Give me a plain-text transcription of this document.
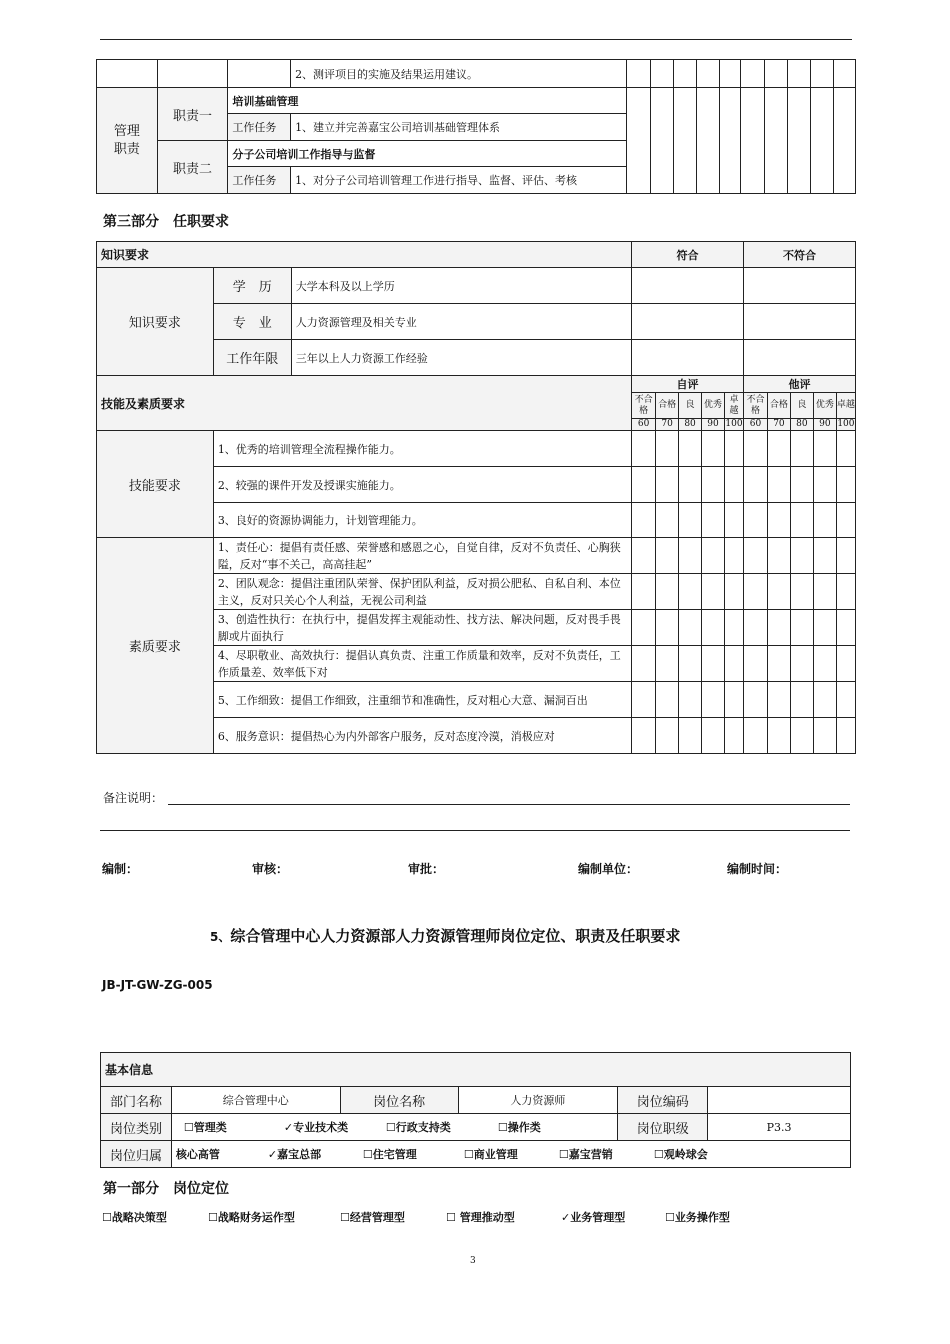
			2、测评项目的实施及结果运用建议。										
管理
职责	职责一	培训基础管理											
		工作任务	1、建立并完善嘉宝公司培训基础管理体系										
	职责二	分子公司培训工作指导与监督											
		工作任务	1、对分子公司培训管理工作进行指导、监督、评估、考核										
第三部分　任职要求
知识要求			符合					不符合				
知识要求	学　历	大学本科及以上学历										
	专　业	人力资源管理及相关专业										
	工作年限	三年以上人力资源工作经验										
技能及素质要求			自评					他评				
			不合格	合格	良	优秀	卓越	不合格	合格	良	优秀	卓越
			60	70	80	90	100	60	70	80	90	100
技能要求	1、优秀的培训管理全流程操作能力。											
	2、较强的课件开发及授课实施能力。											
	3、良好的资源协调能力，计划管理能力。											
素质要求	1、责任心：提倡有责任感、荣誉感和感恩之心，自觉自律，反对不负责任、心胸狭隘，反对“事不关己，高高挂起”											
	2、团队观念：提倡注重团队荣誉、保护团队利益，反对损公肥私、自私自利、本位主义，反对只关心个人利益，无视公司利益											
	3、创造性执行：在执行中，提倡发挥主观能动性、找方法、解决问题，反对畏手畏脚或片面执行											
	4、尽职敬业、高效执行：提倡认真负责、注重工作质量和效率，反对不负责任，工作质量差、效率低下对											
	5、工作细致：提倡工作细致，注重细节和准确性，反对粗心大意、漏洞百出											
	6、服务意识：提倡热心为内外部客户服务，反对态度冷漠，消极应对											
备注说明：
编制：	审核：	审批：	编制单位：	编制时间：
5、综合管理中心人力资源部人力资源管理师岗位定位、职责及任职要求
JB-JT-GW-ZG-005
基本信息					
部门名称	综合管理中心	岗位名称	人力资源师	岗位编码	
岗位类别	☐管理类 ✓专业技术类 ☐行政支持类 ☐操作类			岗位职级	P3.3
岗位归属	核心高管 ✓嘉宝总部 ☐住宅管理 ☐商业管理 ☐嘉宝营销 ☐观岭球会				
第一部分　岗位定位
☐战略决策型	☐战略财务运作型	☐经营管理型	☐ 管理推动型	✓业务管理型	☐业务操作型
3
